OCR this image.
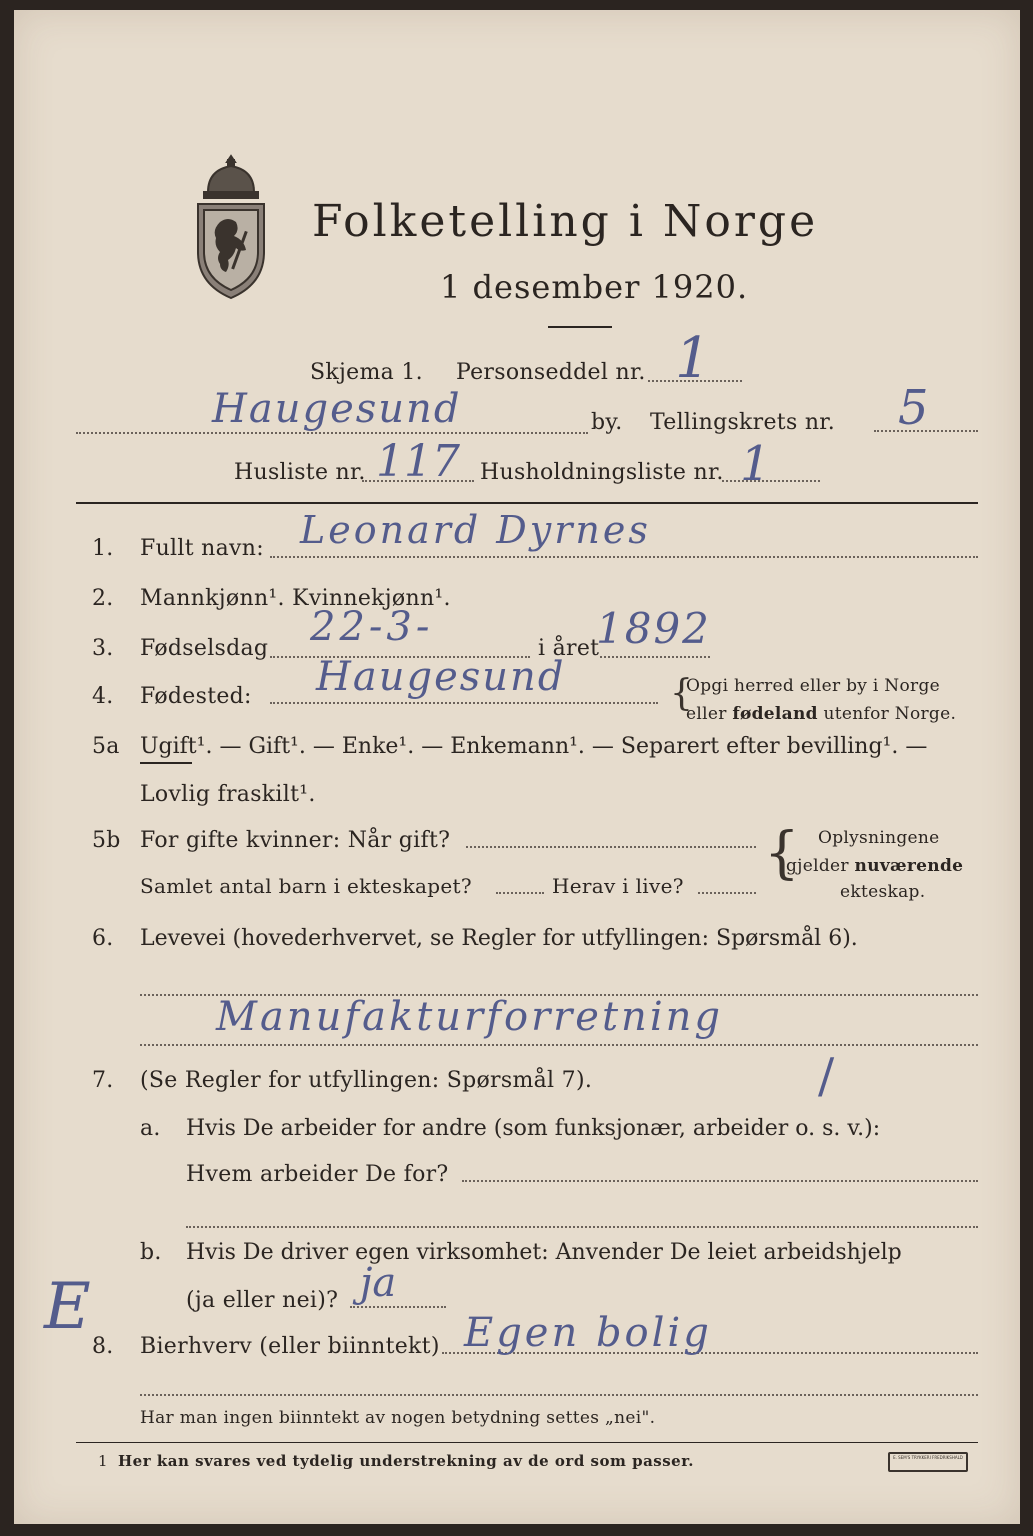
Folketelling i Norge
1 desember 1920.
Skjema 1. Personseddel nr. 1
Haugesund	by. Tellingskrets nr. 5
Husliste nr. 117 Husholdningsliste nr. 1
1. Fullt navn: Leonard Dyrnes
2. Mannkjønn¹. Kvinnekjønn¹.
3. Fødselsdag 22-3-	i året
1892
4. Fødested: Haugesund	{
Opgi herred eller by i Norge
eller fødeland utenfor Norge.
5a Ugift¹. — Gift¹. — Enke¹. — Enkemann¹. — Separert efter bevilling¹. —
Lovlig fraskilt¹.
5b For gifte kvinner: Når gift?
Samlet antal barn i ekteskapet?	Herav i live? { Oplysningene
gjelder nuværende
ekteskap.
6. Levevei (hovederhvervet, se Regler for utfyllingen: Spørsmål 6).
Manufakturforretning
7. (Se Regler for utfyllingen: Spørsmål 7).	/
a. Hvis De arbeider for andre (som funksjonær, arbeider o. s. v.):
Hvem arbeider De for?
b. Hvis De driver egen virksomhet: Anvender De leiet arbeidshjelp
(ja eller nei)? ja
E
8. Bierhverv (eller biinntekt) Egen bolig
Har man ingen biinntekt av nogen betydning settes „nei".
1 Her kan svares ved tydelig understrekning av de ord som passer.	E. SEM'S TRYKKERI FREDRIKSHALD
